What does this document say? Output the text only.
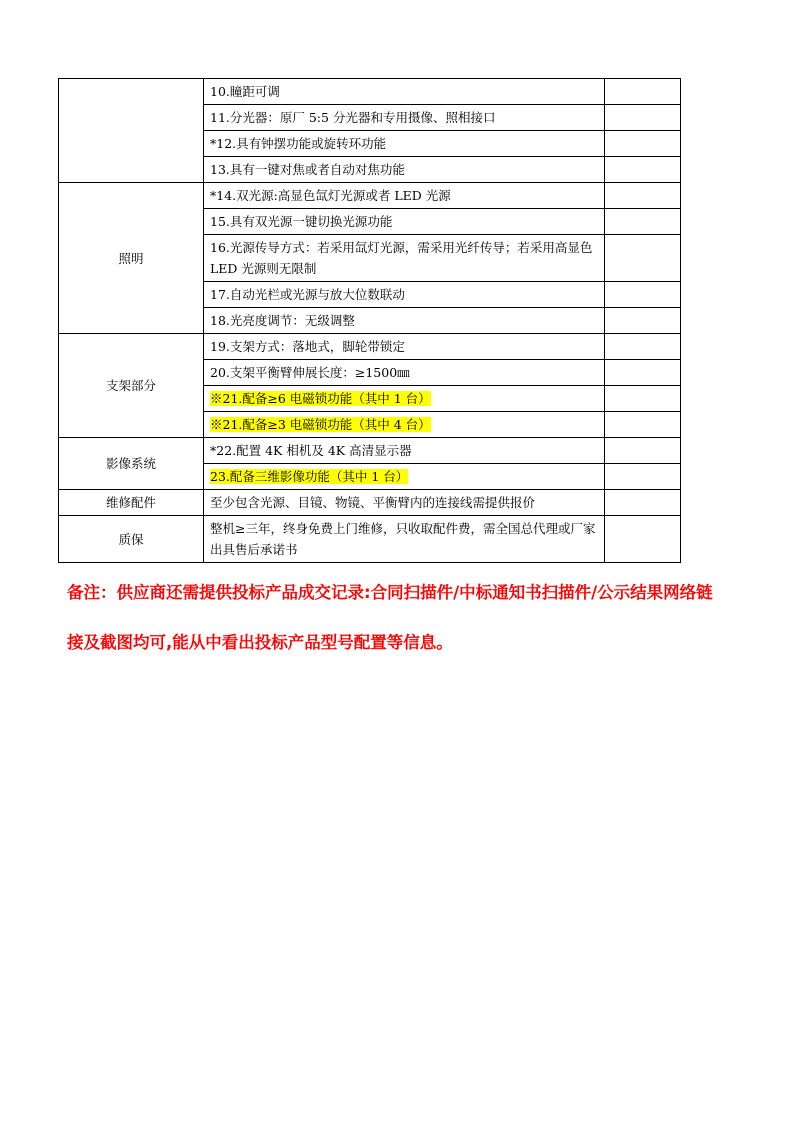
	10.瞳距可调	
	11.分光器：原厂 5:5 分光器和专用摄像、照相接口	
	*12.具有钟摆功能或旋转环功能	
	13.具有一键对焦或者自动对焦功能	
照明	*14.双光源:高显色氙灯光源或者 LED 光源	
	15.具有双光源一键切换光源功能	
	16.光源传导方式：若采用氙灯光源，需采用光纤传导；若采用高显色 LED 光源则无限制	
	17.自动光栏或光源与放大位数联动	
	18.光亮度调节：无级调整	
支架部分	19.支架方式：落地式，脚轮带锁定	
	20.支架平衡臂伸展长度：≥1500㎜	
	※21.配备≥6 电磁锁功能（其中 1 台）	
	※21.配备≥3 电磁锁功能（其中 4 台）	
影像系统	*22.配置 4K 相机及 4K 高清显示器	
	23.配备三维影像功能（其中 1 台）	
维修配件	至少包含光源、目镜、物镜、平衡臂内的连接线需提供报价	
质保	整机≥三年，终身免费上门维修，只收取配件费，需全国总代理或厂家出具售后承诺书	
备注：供应商还需提供投标产品成交记录:合同扫描件/中标通知书扫描件/公示结果网络链接及截图均可,能从中看出投标产品型号配置等信息。
